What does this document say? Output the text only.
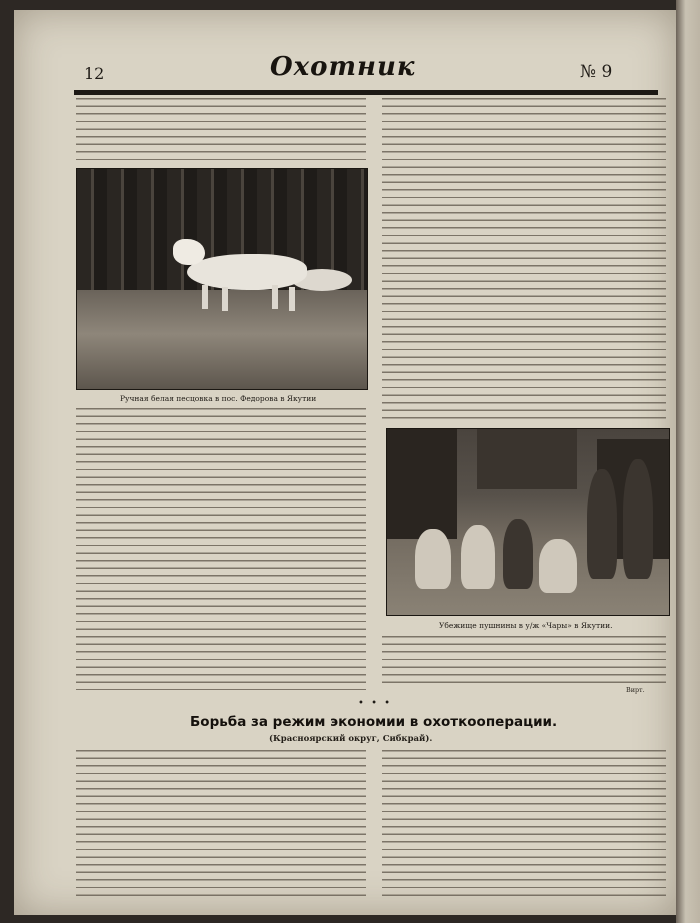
12	Охотник	№ 9
Ручная белая песцовка в пос. Федорова в Якутии
Убежище пушнины в у/ж «Чары» в Якутии.
Вирт.
• • •
Борьба за режим экономии в охоткооперации.
(Красноярский округ, Сибкрай).
